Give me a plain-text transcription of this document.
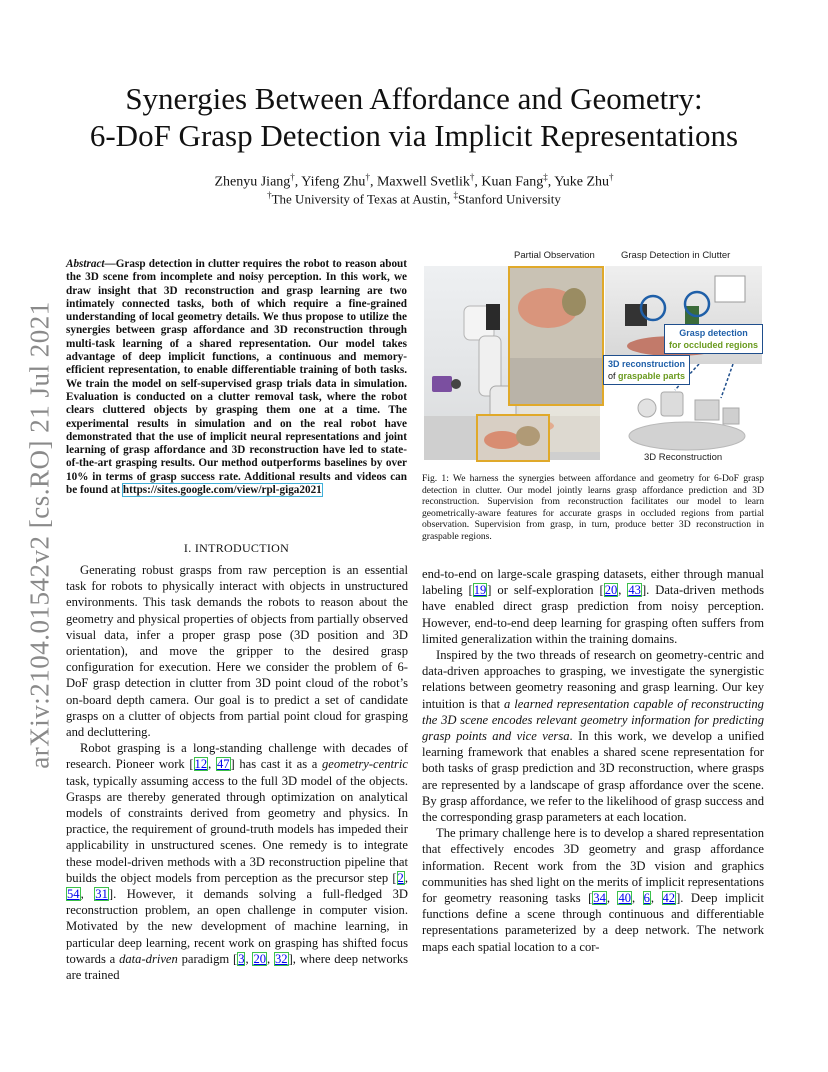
arXiv:2104.01542v2 [cs.RO] 21 Jul 2021
Synergies Between Affordance and Geometry:
6-DoF Grasp Detection via Implicit Representations
Zhenyu Jiang†, Yifeng Zhu†, Maxwell Svetlik†, Kuan Fang‡, Yuke Zhu†
†The University of Texas at Austin, ‡Stanford University
Abstract—Grasp detection in clutter requires the robot to reason about the 3D scene from incomplete and noisy perception. In this work, we draw insight that 3D reconstruction and grasp learning are two intimately connected tasks, both of which require a fine-grained understanding of local geometry details. We thus propose to utilize the synergies between grasp affordance and 3D reconstruction through multi-task learning of a shared representation. Our model takes advantage of deep implicit functions, a continuous and memory-efficient representation, to enable differentiable training of both tasks. We train the model on self-supervised grasp trials data in simulation. Evaluation is conducted on a clutter removal task, where the robot clears cluttered objects by grasping them one at a time. The experimental results in simulation and on the real robot have demonstrated that the use of implicit neural representations and joint learning of grasp affordance and 3D reconstruction have led to state-of-the-art grasping results. Our method outperforms baselines by over 10% in terms of grasp success rate. Additional results and videos can be found at https://sites.google.com/view/rpl-giga2021
Partial Observation	Grasp Detection in Clutter
Grasp detection
for occluded regions
3D reconstruction
of graspable parts
3D Reconstruction
Fig. 1: We harness the synergies between affordance and geometry for 6-DoF grasp detection in clutter. Our model jointly learns grasp affordance prediction and 3D reconstruction. Supervision from reconstruction facilitates our model to learn geometrically-aware features for accurate grasps in occluded regions from partial observation. Supervision from grasp, in turn, produce better 3D reconstruction in graspable regions.
I. INTRODUCTION

Generating robust grasps from raw perception is an essential task for robots to physically interact with objects in unstructured environments. This task demands the robots to reason about the geometry and physical properties of objects from partially observed visual data, infer a proper grasp pose (3D position and 3D orientation), and move the gripper to the desired grasp configuration for execution. Here we consider the problem of 6-DoF grasp detection in clutter from 3D point cloud of the robot’s on-board depth camera. Our goal is to predict a set of candidate grasps on a clutter of objects from partial point cloud for grasping and decluttering.

Robot grasping is a long-standing challenge with decades of research. Pioneer work [12, 47] has cast it as a geometry-centric task, typically assuming access to the full 3D model of the objects. Grasps are thereby generated through optimization on analytical models of constraints derived from geometry and physics. In practice, the requirement of ground-truth models has impeded their applicability in unstructured scenes. One remedy is to integrate these model-driven methods with a 3D reconstruction pipeline that builds the object models from perception as the precursor step [2, 54, 31]. However, it demands solving a full-fledged 3D reconstruction problem, an open challenge in computer vision. Motivated by the new development of machine learning, in particular deep learning, recent work on grasping has shifted focus towards a data-driven paradigm [3, 20, 32], where deep networks are trained

end-to-end on large-scale grasping datasets, either through manual labeling [19] or self-exploration [20, 43]. Data-driven methods have enabled direct grasp prediction from noisy perception. However, end-to-end deep learning for grasping often suffers from limited generalization within the training domains.

Inspired by the two threads of research on geometry-centric and data-driven approaches to grasping, we investigate the synergistic relations between geometry reasoning and grasp learning. Our key intuition is that a learned representation capable of reconstructing the 3D scene encodes relevant geometry information for predicting grasp points and vice versa. In this work, we develop a unified learning framework that enables a shared scene representation for both tasks of grasp prediction and 3D reconstruction, where grasps are represented by a landscape of grasp affordance over the scene. By grasp affordance, we refer to the likelihood of grasp success and the corresponding grasp parameters at each location.

The primary challenge here is to develop a shared representation that effectively encodes 3D geometry and grasp affordance information. Recent work from the 3D vision and graphics communities has shed light on the merits of implicit representations for geometry reasoning tasks [34, 40, 6, 42]. Deep implicit functions define a scene through continuous and differentiable representations parameterized by a deep network. The network maps each spatial location to a cor-
